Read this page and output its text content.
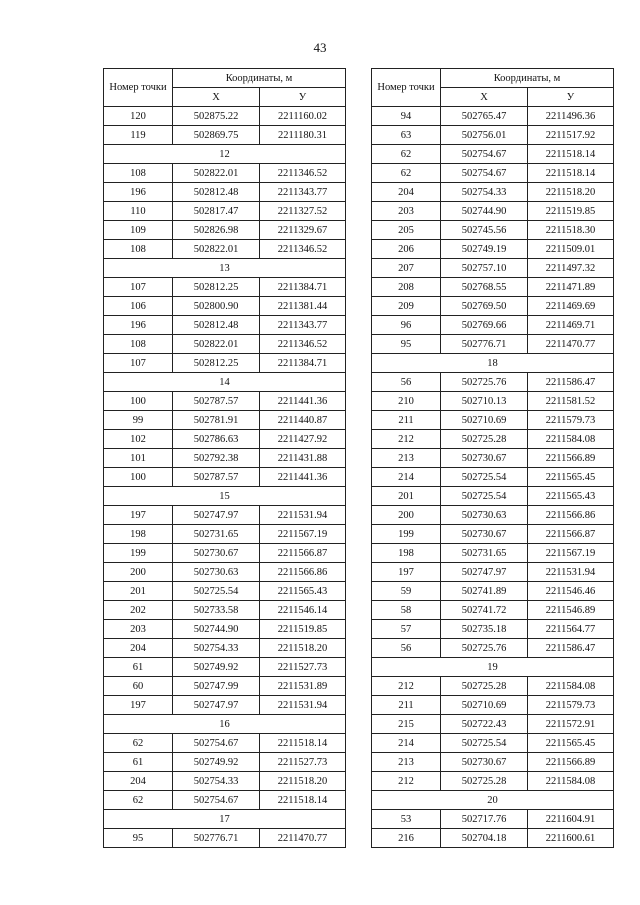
43
Номер точки	Координаты, м	
	X	У
120	502875.22	2211160.02
119	502869.75	2211180.31
12		
108	502822.01	2211346.52
196	502812.48	2211343.77
110	502817.47	2211327.52
109	502826.98	2211329.67
108	502822.01	2211346.52
13		
107	502812.25	2211384.71
106	502800.90	2211381.44
196	502812.48	2211343.77
108	502822.01	2211346.52
107	502812.25	2211384.71
14		
100	502787.57	2211441.36
99	502781.91	2211440.87
102	502786.63	2211427.92
101	502792.38	2211431.88
100	502787.57	2211441.36
15		
197	502747.97	2211531.94
198	502731.65	2211567.19
199	502730.67	2211566.87
200	502730.63	2211566.86
201	502725.54	2211565.43
202	502733.58	2211546.14
203	502744.90	2211519.85
204	502754.33	2211518.20
61	502749.92	2211527.73
60	502747.99	2211531.89
197	502747.97	2211531.94
16		
62	502754.67	2211518.14
61	502749.92	2211527.73
204	502754.33	2211518.20
62	502754.67	2211518.14
17		
95	502776.71	2211470.77
Номер точки	Координаты, м	
	X	У
94	502765.47	2211496.36
63	502756.01	2211517.92
62	502754.67	2211518.14
62	502754.67	2211518.14
204	502754.33	2211518.20
203	502744.90	2211519.85
205	502745.56	2211518.30
206	502749.19	2211509.01
207	502757.10	2211497.32
208	502768.55	2211471.89
209	502769.50	2211469.69
96	502769.66	2211469.71
95	502776.71	2211470.77
18		
56	502725.76	2211586.47
210	502710.13	2211581.52
211	502710.69	2211579.73
212	502725.28	2211584.08
213	502730.67	2211566.89
214	502725.54	2211565.45
201	502725.54	2211565.43
200	502730.63	2211566.86
199	502730.67	2211566.87
198	502731.65	2211567.19
197	502747.97	2211531.94
59	502741.89	2211546.46
58	502741.72	2211546.89
57	502735.18	2211564.77
56	502725.76	2211586.47
19		
212	502725.28	2211584.08
211	502710.69	2211579.73
215	502722.43	2211572.91
214	502725.54	2211565.45
213	502730.67	2211566.89
212	502725.28	2211584.08
20		
53	502717.76	2211604.91
216	502704.18	2211600.61
